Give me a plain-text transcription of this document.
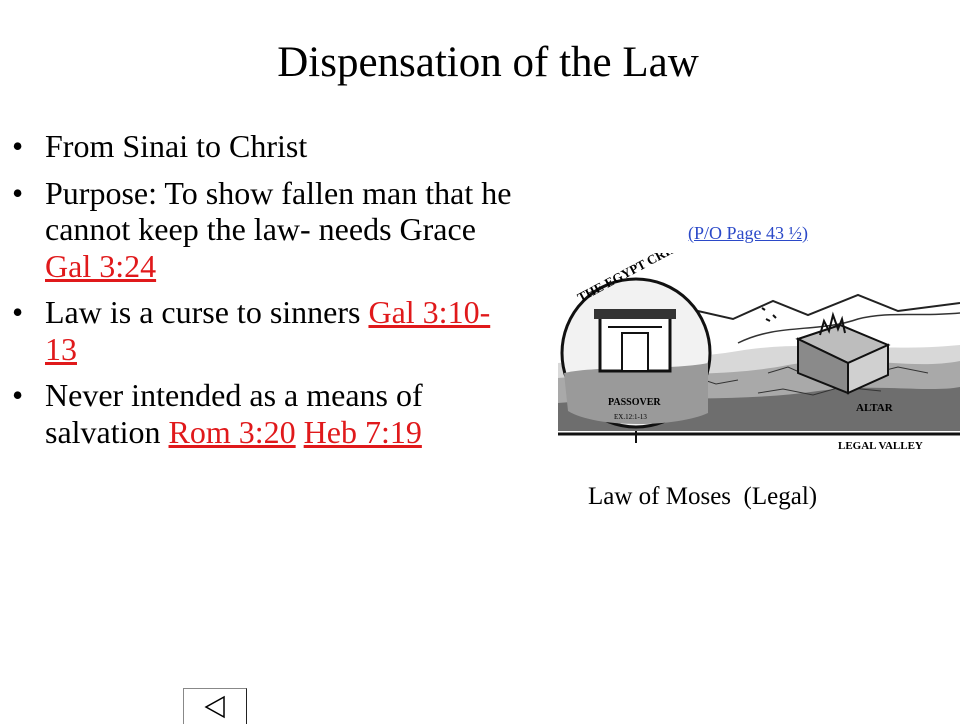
Dispensation of the Law
• From Sinai to Christ
• Purpose: To show fallen man that he cannot keep the law- needs Grace Gal 3:24
• Law is a curse to sinners Gal 3:10-13
• Never intended as a means of salvation Rom 3:20 Heb 7:19
(P/O Page 43 ½)
PASSOVER
EX.12:1-13
ALTAR
LEGAL VALLEY
Law of Moses  (Legal)
